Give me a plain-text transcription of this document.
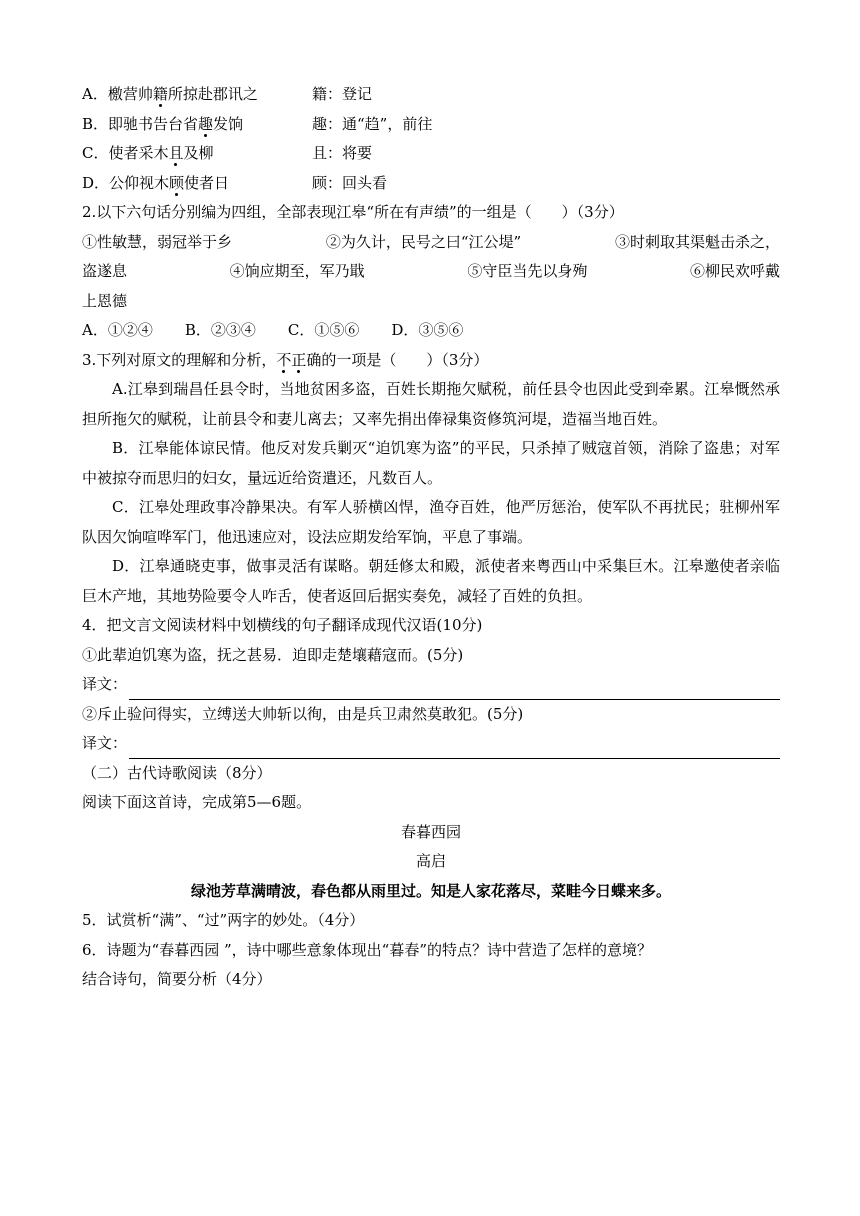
A．檄营帅籍所掠赴郡讯之	籍：登记
B．即驰书告台省趣发饷	趣：通“趋”，前往
C．使者采木且及柳	且：将要
D．公仰视木顾使者日	顾：回头看
2.以下六句话分别编为四组，全部表现江皋“所在有声绩”的一组是（　　）（3分）
①性敏慧，弱冠举于乡	②为久计，民号之曰“江公堤”	③时刺取其渠魁击杀之，
盗遂息	④饷应期至，军乃戢	⑤守臣当先以身殉	⑥柳民欢呼戴
上恩德
A．①②④ B．②③④ C．①⑤⑥ D．③⑤⑥
3.下列对原文的理解和分析，不正确的一项是（　　）（3分）
A.江皋到瑞昌任县令时，当地贫困多盗，百姓长期拖欠赋税，前任县令也因此受到牵累。江皋慨然承担所拖欠的赋税，让前县令和妻儿离去；又率先捐出俸禄集资修筑河堤，造福当地百姓。
B．江皋能体谅民情。他反对发兵剿灭“迫饥寒为盗”的平民，只杀掉了贼寇首领，消除了盗患；对军中被掠夺而思归的妇女，量远近给资遣还，凡数百人。
C．江皋处理政事冷静果决。有军人骄横凶悍，渔夺百姓，他严厉惩治，使军队不再扰民；驻柳州军队因欠饷喧哗军门，他迅速应对，设法应期发给军饷，平息了事端。
D．江皋通晓吏事，做事灵活有谋略。朝廷修太和殿，派使者来粤西山中采集巨木。江皋邀使者亲临巨木产地，其地势险要令人咋舌，使者返回后据实奏免，减轻了百姓的负担。
4．把文言文阅读材料中划横线的句子翻译成现代汉语(10分)
①此辈迫饥寒为盗，抚之甚易．迫即走楚壤藉寇而。(5分)
译文：
②斥止验问得实，立缚送大帅斩以徇，由是兵卫肃然莫敢犯。(5分)
译文：
（二）古代诗歌阅读（8分）
阅读下面这首诗，完成第5—6题。
春暮西园
高启
绿池芳草满晴波，春色都从雨里过。知是人家花落尽，菜畦今日蝶来多。
5．试赏析“满”、“过”两字的妙处。（4分）
6．诗题为“春暮西园 ”，诗中哪些意象体现出“暮春”的特点？诗中营造了怎样的意境？
结合诗句，简要分析（4分）
